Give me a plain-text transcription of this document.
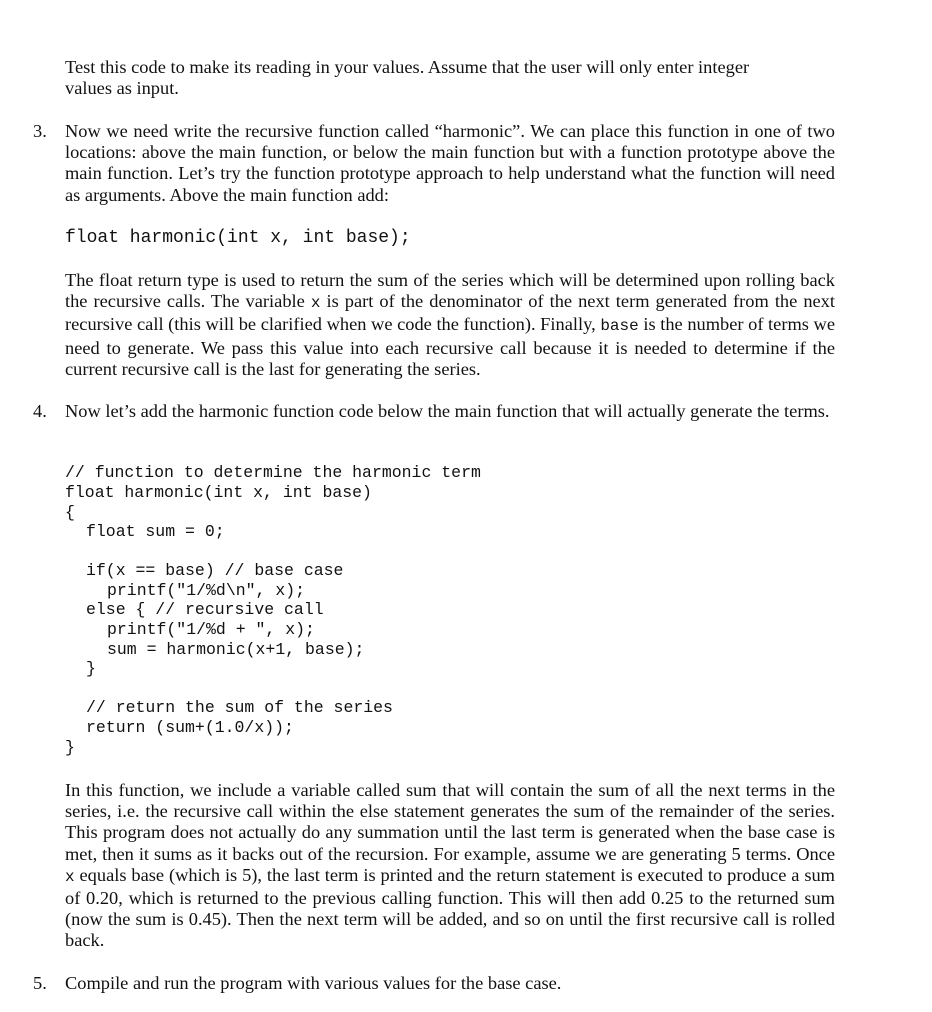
Test this code to make its reading in your values. Assume that the user will only enter integer
values as input.

3. Now we need write the recursive function called “harmonic”. We can place this function in one of two locations: above the main function, or below the main function but with a function prototype above the main function. Let’s try the function prototype approach to help understand what the function will need as arguments. Above the main function add:

float harmonic(int x, int base);

The float return type is used to return the sum of the series which will be determined upon rolling back the recursive calls. The variable x is part of the denominator of the next term generated from the next recursive call (this will be clarified when we code the function). Finally, base is the number of terms we need to generate. We pass this value into each recursive call because it is needed to determine if the current recursive call is the last for generating the series.

4. Now let’s add the harmonic function code below the main function that will actually generate the terms.

// function to determine the harmonic term
float harmonic(int x, int base)
{
float sum = 0;
if(x == base) // base case
printf("1/%d\n", x);
else { // recursive call
printf("1/%d + ", x);
sum = harmonic(x+1, base);
}
// return the sum of the series
return (sum+(1.0/x));
}

In this function, we include a variable called sum that will contain the sum of all the next terms in the series, i.e. the recursive call within the else statement generates the sum of the remainder of the series. This program does not actually do any summation until the last term is generated when the base case is met, then it sums as it backs out of the recursion. For example, assume we are generating 5 terms. Once x equals base (which is 5), the last term is printed and the return statement is executed to produce a sum of 0.20, which is returned to the previous calling function. This will then add 0.25 to the returned sum (now the sum is 0.45). Then the next term will be added, and so on until the first recursive call is rolled back.

5. Compile and run the program with various values for the base case.
